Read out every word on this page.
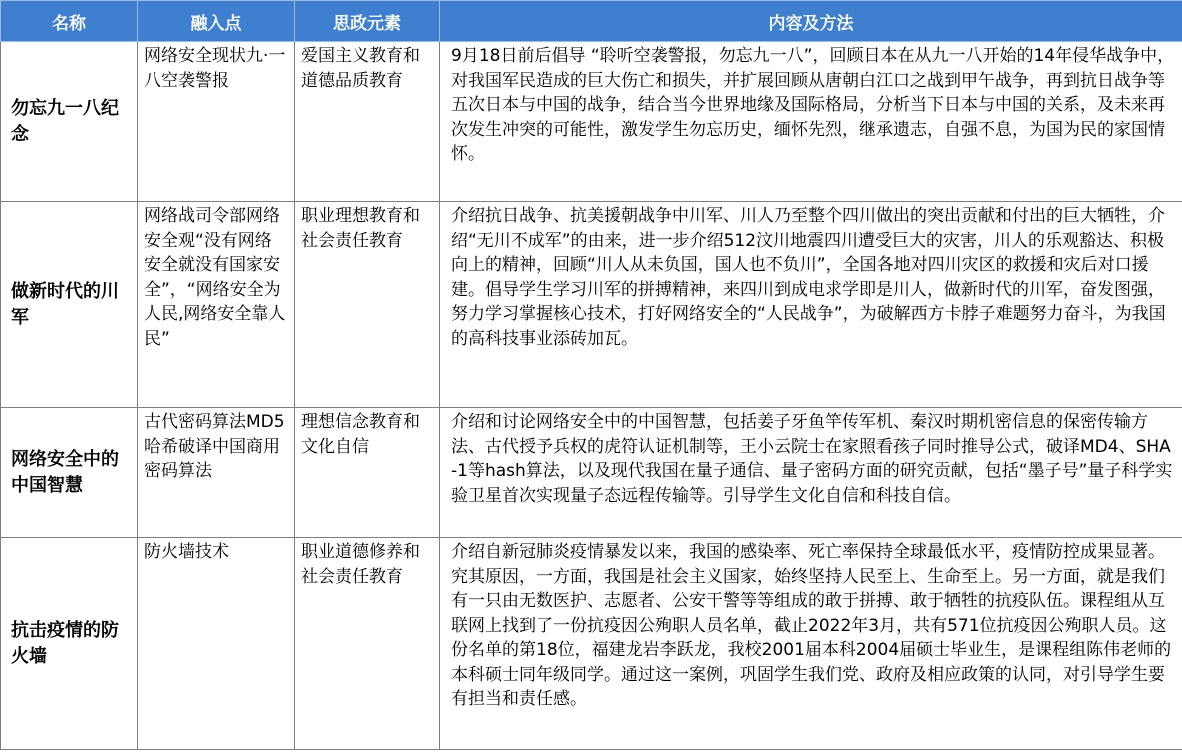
名称	融入点	思政元素	内容及方法
勿忘九一八纪念	网络安全现状九·一八空袭警报	爱国主义教育和道德品质教育	9月18日前后倡导 “聆听空袭警报，勿忘九一八”，回顾日本在从九一八开始的14年侵华战争中，对我国军民造成的巨大伤亡和损失，并扩展回顾从唐朝白江口之战到甲午战争，再到抗日战争等五次日本与中国的战争，结合当今世界地缘及国际格局，分析当下日本与中国的关系，及未来再次发生冲突的可能性，激发学生勿忘历史，缅怀先烈，继承遗志，自强不息，为国为民的家国情怀。
做新时代的川军	网络战司令部网络安全观“没有网络安全就没有国家安全”，“网络安全为人民,网络安全靠人民”	职业理想教育和社会责任教育	介绍抗日战争、抗美援朝战争中川军、川人乃至整个四川做出的突出贡献和付出的巨大牺牲，介绍“无川不成军”的由来，进一步介绍512汶川地震四川遭受巨大的灾害，川人的乐观豁达、积极向上的精神，回顾“川人从未负国，国人也不负川”，全国各地对四川灾区的救援和灾后对口援建。倡导学生学习川军的拼搏精神，来四川到成电求学即是川人，做新时代的川军，奋发图强，努力学习掌握核心技术，打好网络安全的“人民战争”，为破解西方卡脖子难题努力奋斗，为我国的高科技事业添砖加瓦。
网络安全中的中国智慧	古代密码算法MD5哈希破译中国商用密码算法	理想信念教育和文化自信	介绍和讨论网络安全中的中国智慧，包括姜子牙鱼竿传军机、秦汉时期机密信息的保密传输方法、古代授予兵权的虎符认证机制等，王小云院士在家照看孩子同时推导公式，破译MD4、SHA-1等hash算法，以及现代我国在量子通信、量子密码方面的研究贡献，包括“墨子号”量子科学实验卫星首次实现量子态远程传输等。引导学生文化自信和科技自信。
抗击疫情的防火墙	防火墙技术	职业道德修养和社会责任教育	介绍自新冠肺炎疫情暴发以来，我国的感染率、死亡率保持全球最低水平，疫情防控成果显著。究其原因，一方面，我国是社会主义国家，始终坚持人民至上、生命至上。另一方面，就是我们有一只由无数医护、志愿者、公安干警等等组成的敢于拼搏、敢于牺牲的抗疫队伍。课程组从互联网上找到了一份抗疫因公殉职人员名单，截止2022年3月，共有571位抗疫因公殉职人员。这份名单的第18位，福建龙岩李跃龙，我校2001届本科2004届硕士毕业生，是课程组陈伟老师的本科硕士同年级同学。通过这一案例，巩固学生我们党、政府及相应政策的认同，对引导学生要有担当和责任感。
